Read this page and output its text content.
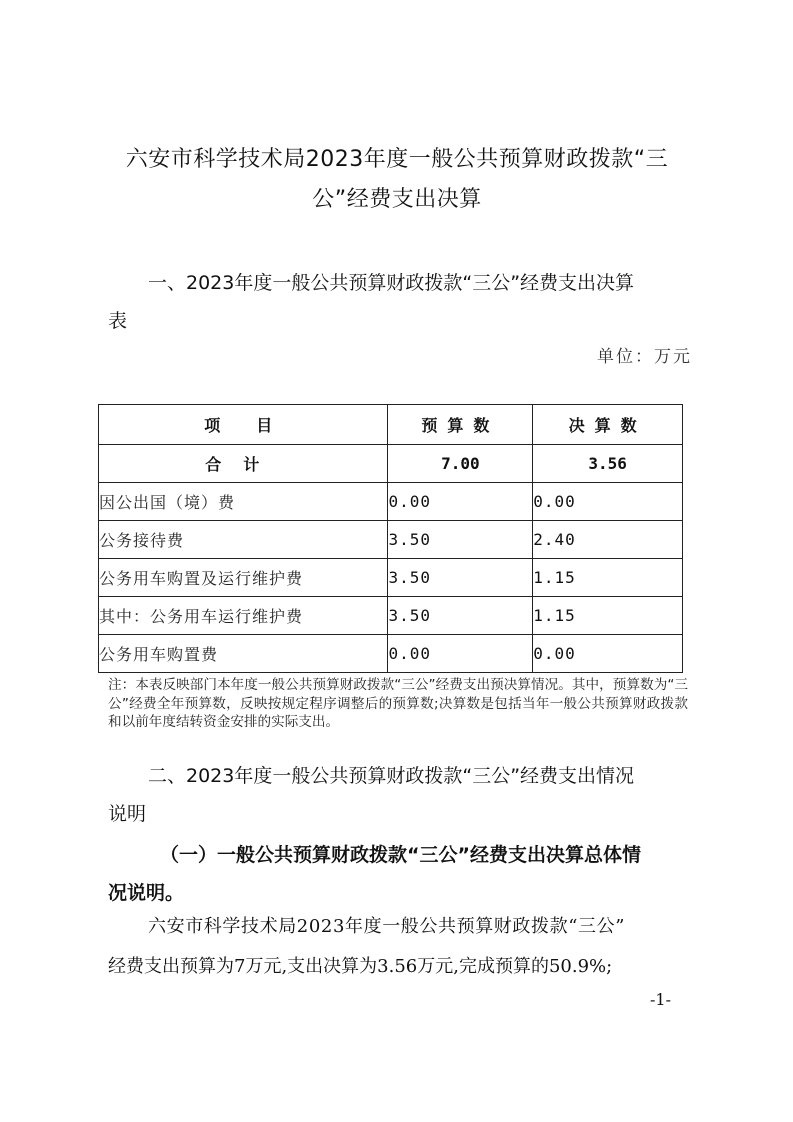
六安市科学技术局2023年度一般公共预算财政拨款“三
公”经费支出决算
一、2023年度一般公共预算财政拨款“三公”经费支出决算
表
单位：万元
项　目	预算数	决算数
合计	7.00	3.56
因公出国（境）费	0.00	0.00
公务接待费	3.50	2.40
公务用车购置及运行维护费	3.50	1.15
其中：公务用车运行维护费	3.50	1.15
公务用车购置费	0.00	0.00
注：本表反映部门本年度一般公共预算财政拨款“三公”经费支出预决算情况。其中，预算数为“三公”经费全年预算数，反映按规定程序调整后的预算数;决算数是包括当年一般公共预算财政拨款和以前年度结转资金安排的实际支出。
二、2023年度一般公共预算财政拨款“三公”经费支出情况
说明
（一）一般公共预算财政拨款“三公”经费支出决算总体情
况说明。
六安市科学技术局2023年度一般公共预算财政拨款“三公”
经费支出预算为7万元,支出决算为3.56万元,完成预算的50.9%;
-1-
